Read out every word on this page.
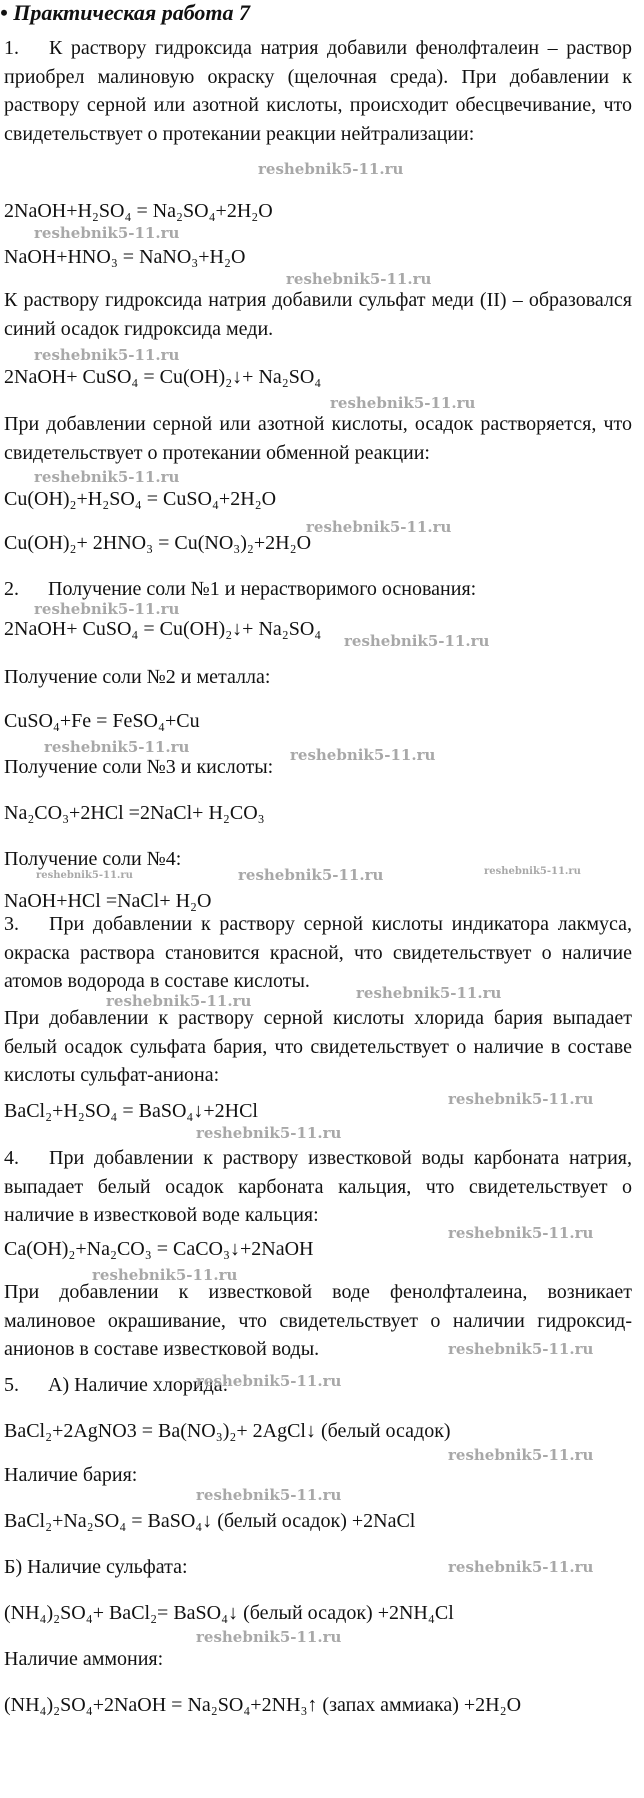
• Практическая работа 7
1.  К раствору гидроксида натрия добавили фенолфталеин – раствор приобрел малиновую окраску (щелочная среда). При добавлении к раствору серной или азотной кислоты, происходит обесцвечивание, что свидетельствует о протекании реакции нейтрализации:
2NaOH+H₂SO₄ = Na₂SO₄+2H₂O
NaOH+HNO₃ = NaNO₃+H₂O
К раствору гидроксида натрия добавили сульфат меди (II) – образовался синий осадок гидроксида меди.
2NaOH+ CuSO₄ = Cu(OH)₂↓+ Na₂SO₄
При добавлении серной или азотной кислоты, осадок растворяется, что свидетельствует о протекании обменной реакции:
Cu(OH)₂+H₂SO₄ = CuSO₄+2H₂O
Cu(OH)₂+ 2HNO₃ = Cu(NO₃)₂+2H₂O
2. Получение соли №1 и нерастворимого основания:
2NaOH+ CuSO₄ = Cu(OH)₂↓+ Na₂SO₄
Получение соли №2 и металла:
CuSO₄+Fe = FeSO₄+Cu
Получение соли №3 и кислоты:
Na₂CO₃+2HCl =2NaCl+ H₂CO₃
Получение соли №4:
NaOH+HCl =NaCl+ H₂O
3.  При добавлении к раствору серной кислоты индикатора лакмуса, окраска раствора становится красной, что свидетельствует о наличие атомов водорода в составе кислоты.
При добавлении к раствору серной кислоты хлорида бария выпадает белый осадок сульфата бария, что свидетельствует о наличие в составе кислоты сульфат-аниона:
BaCl₂+H₂SO₄ = BaSO₄↓+2HCl
4.  При добавлении к раствору известковой воды карбоната натрия, выпадает белый осадок карбоната кальция, что свидетельствует о наличие в известковой воде кальция:
Ca(OH)₂+Na₂CO₃ = CaCO₃↓+2NaOH
При добавлении к известковой воде фенолфталеина, возникает малиновое окрашивание, что свидетельствует о наличии гидроксид-анионов в составе известковой воды.
5. А) Наличие хлорида:
BaCl₂+2AgNO3 = Ba(NO₃)₂+ 2AgCl↓ (белый осадок)
Наличие бария:
BaCl₂+Na₂SO₄ = BaSO₄↓ (белый осадок) +2NaCl
Б) Наличие сульфата:
(NH₄)₂SO₄+ BaCl₂= BaSO₄↓ (белый осадок) +2NH₄Cl
Наличие аммония:
(NH₄)₂SO₄+2NaOH = Na₂SO₄+2NH₃↑ (запах аммиака) +2H₂O
reshebnik5-11.ru
reshebnik5-11.ru
reshebnik5-11.ru
reshebnik5-11.ru
reshebnik5-11.ru
reshebnik5-11.ru
reshebnik5-11.ru
reshebnik5-11.ru
reshebnik5-11.ru
reshebnik5-11.ru	reshebnik5-11.ru
reshebnik5-11.ru	reshebnik5-11.ru	reshebnik5-11.ru
reshebnik5-11.ru
reshebnik5-11.ru
reshebnik5-11.ru
reshebnik5-11.ru
reshebnik5-11.ru
reshebnik5-11.ru
reshebnik5-11.ru
reshebnik5-11.ru
reshebnik5-11.ru
reshebnik5-11.ru
reshebnik5-11.ru
reshebnik5-11.ru
